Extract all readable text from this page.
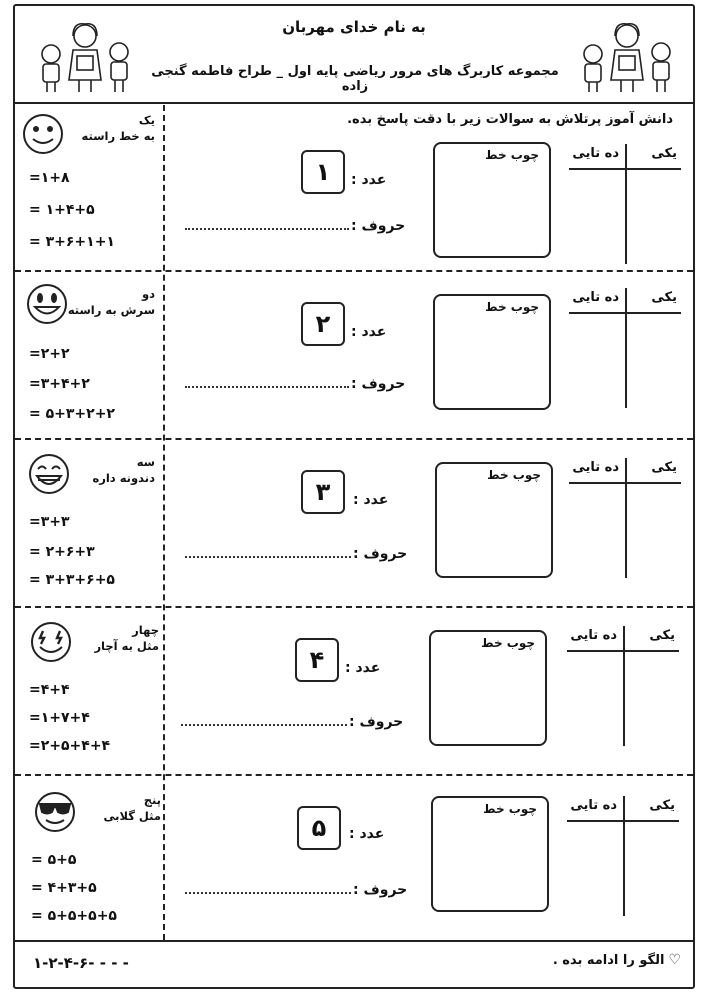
به نام خدای مهربان
مجموعه کاربرگ های مرور ریاضی پایه اول _ طراح فاطمه گنجی زاده
دانش آموز پرتلاش به سوالات زیر با دقت پاسخ بده.
یک
به خط راسته
۱+۸=
۱+۴+۵ =
۳+۶+۱+۱ =
۱	عدد :
حروف :
چوب خط	یکی
ده تایی
دو
سرش به راسته
۲+۲=
۳+۴+۲=
۵+۳+۲+۲ =
۲	عدد :
حروف :
چوب خط
یکی
ده تایی
سه
دندونه داره
۳+۳=
۲+۶+۳ =
۳+۳+۶+۵ =
۳	عدد :
حروف :
چوب خط	یکی
ده تایی
چهار
مثل به آچار
۴+۴=
۱+۷+۴=
۲+۵+۴+۴=
۴	عدد :
حروف :
چوب خط	یکی
ده تایی
پنج
مثل گلابی
۵+۵ =
۴+۳+۵ =
۵+۵+۵+۵ =
۵	عدد :
حروف :
چوب خط	یکی
ده تایی
۱-۲-۴-۶- - - -	♡
الگو را ادامه بده .
